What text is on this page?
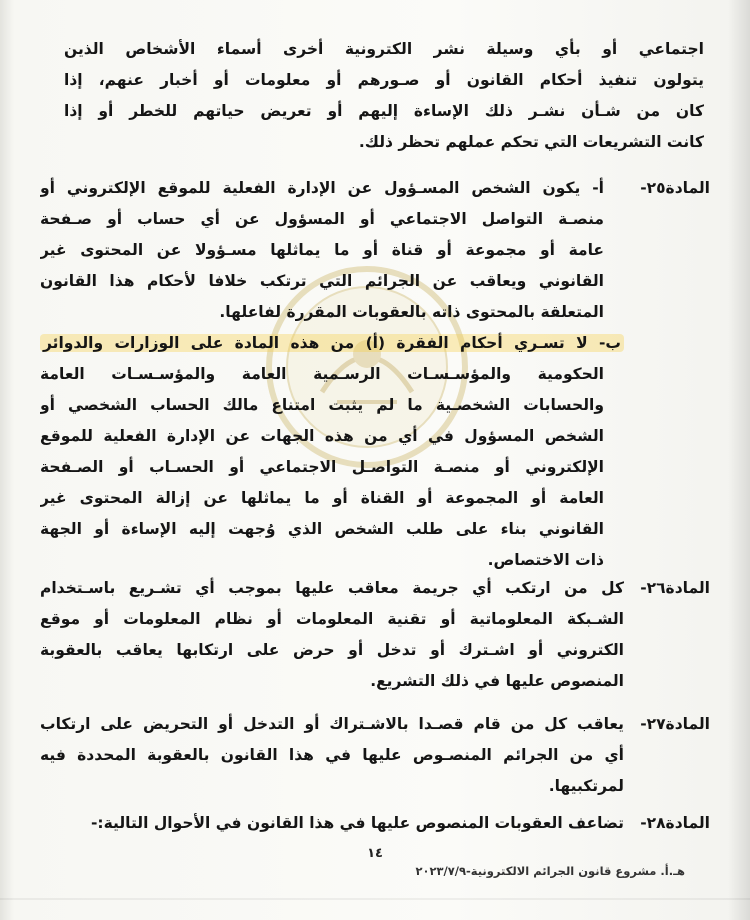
اجتماعي أو بأي وسيلة نشر الكترونية أخرى أسماء الأشخاص الذين
يتولون تنفيذ أحكام القانون أو صـورهم أو معلومات أو أخبار عنهم، إذا
كان من شـأن نشـر ذلك الإساءة إليهم أو تعريض حياتهم للخطر أو إذا
كانت التشريعات التي تحكم عملهم تحظر ذلك.
المادة٢٥-
أ- يكون الشخص المسـؤول عن الإدارة الفعلية للموقع الإلكتروني أو
منصـة التواصل الاجتماعي أو المسؤول عن أي حساب أو صـفحة
عامة أو مجموعة أو قناة أو ما يماثلها مسـؤولا عن المحتوى غير
القانوني ويعاقب عن الجرائم التي ترتكب خلافا لأحكام هذا القانون
المتعلقة بالمحتوى ذاته بالعقوبات المقررة لفاعلها.
ب- لا تسـري أحكام الفقرة (أ) من هذه المادة على الوزارات والدوائر
الحكومية والمؤسـسـات الرسـمية العامة والمؤسـسـات العامة
والحسابات الشخصـية ما لم يثبت امتناع مالك الحساب الشخصي أو
الشخص المسؤول في أي من هذه الجهات عن الإدارة الفعلية للموقع
الإلكتروني أو منصـة التواصـل الاجتماعي أو الحسـاب أو الصـفحة
العامة أو المجموعة أو القناة أو ما يماثلها عن إزالة المحتوى غير
القانوني بناء على طلب الشخص الذي وُجهت إليه الإساءة أو الجهة
ذات الاختصاص.
المادة٢٦-
كل من ارتكب أي جريمة معاقب عليها بموجب أي تشـريع باسـتخدام
الشـبكة المعلوماتية أو تقنية المعلومات أو نظام المعلومات أو موقع
الكتروني أو اشـترك أو تدخل أو حرض على ارتكابها يعاقب بالعقوبة
المنصوص عليها في ذلك التشريع.
المادة٢٧-
يعاقب كل من قام قصـدا بالاشـتراك أو التدخل أو التحريض على ارتكاب
أي من الجرائم المنصـوص عليها في هذا القانون بالعقوبة المحددة فيه
لمرتكبيها.
المادة٢٨-
تضاعف العقوبات المنصوص عليها في هذا القانون في الأحوال التالية:-
١٤
هـ.أ. مشروع قانون الجرائم الالكترونية-٢٠٢٣/٧/٩
